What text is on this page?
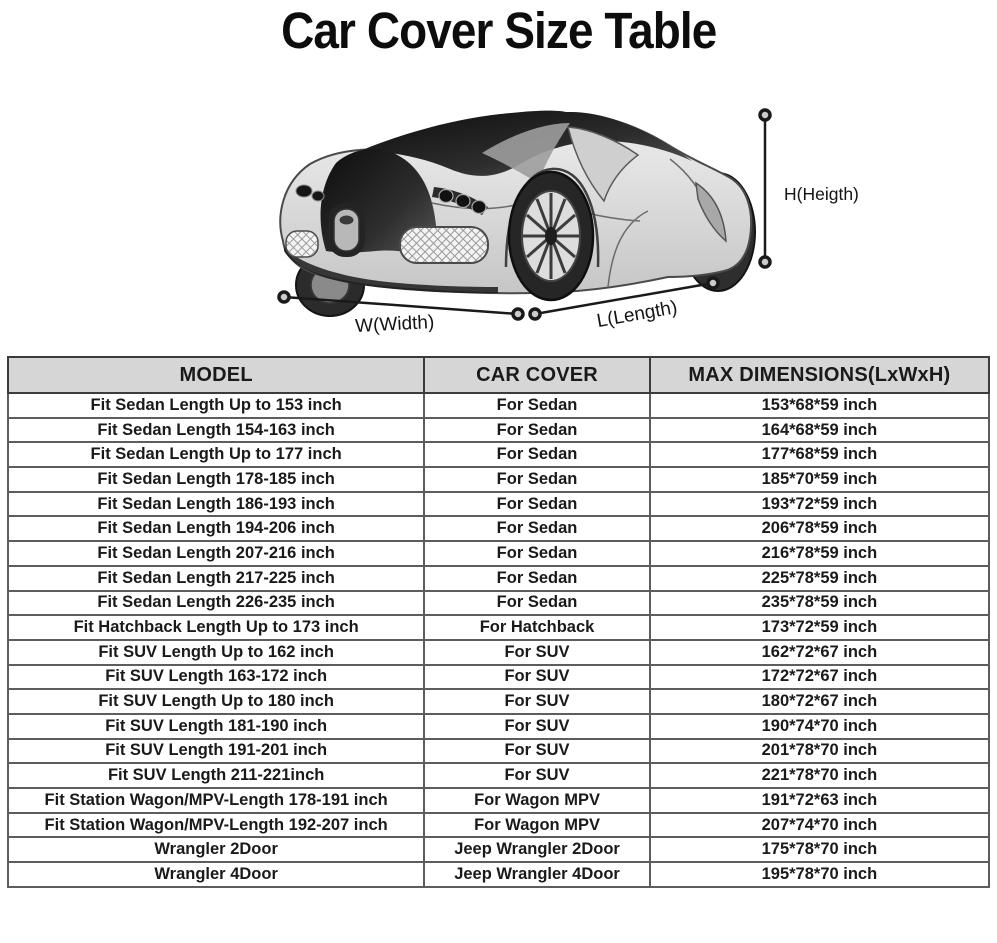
Car Cover Size Table
H(Heigth)
W(Width)	L(Length)
MODEL	CAR COVER	MAX DIMENSIONS(LxWxH)
Fit Sedan Length Up to 153 inch	For Sedan	153*68*59 inch
Fit Sedan Length 154-163 inch	For Sedan	164*68*59 inch
Fit Sedan Length Up to 177 inch	For Sedan	177*68*59 inch
Fit Sedan Length 178-185 inch	For Sedan	185*70*59 inch
Fit Sedan Length 186-193 inch	For Sedan	193*72*59 inch
Fit Sedan Length 194-206 inch	For Sedan	206*78*59 inch
Fit Sedan Length 207-216 inch	For Sedan	216*78*59 inch
Fit Sedan Length 217-225 inch	For Sedan	225*78*59 inch
Fit Sedan Length 226-235 inch	For Sedan	235*78*59 inch
Fit Hatchback Length Up to 173 inch	For Hatchback	173*72*59 inch
Fit SUV Length Up to 162 inch	For SUV	162*72*67 inch
Fit SUV Length 163-172 inch	For SUV	172*72*67 inch
Fit SUV Length Up to 180 inch	For SUV	180*72*67 inch
Fit SUV Length 181-190 inch	For SUV	190*74*70 inch
Fit SUV Length 191-201 inch	For SUV	201*78*70 inch
Fit SUV Length 211-221inch	For SUV	221*78*70 inch
Fit Station Wagon/MPV-Length 178-191 inch	For Wagon MPV	191*72*63 inch
Fit Station Wagon/MPV-Length 192-207 inch	For Wagon MPV	207*74*70 inch
Wrangler 2Door	Jeep Wrangler 2Door	175*78*70 inch
Wrangler 4Door	Jeep Wrangler 4Door	195*78*70 inch
